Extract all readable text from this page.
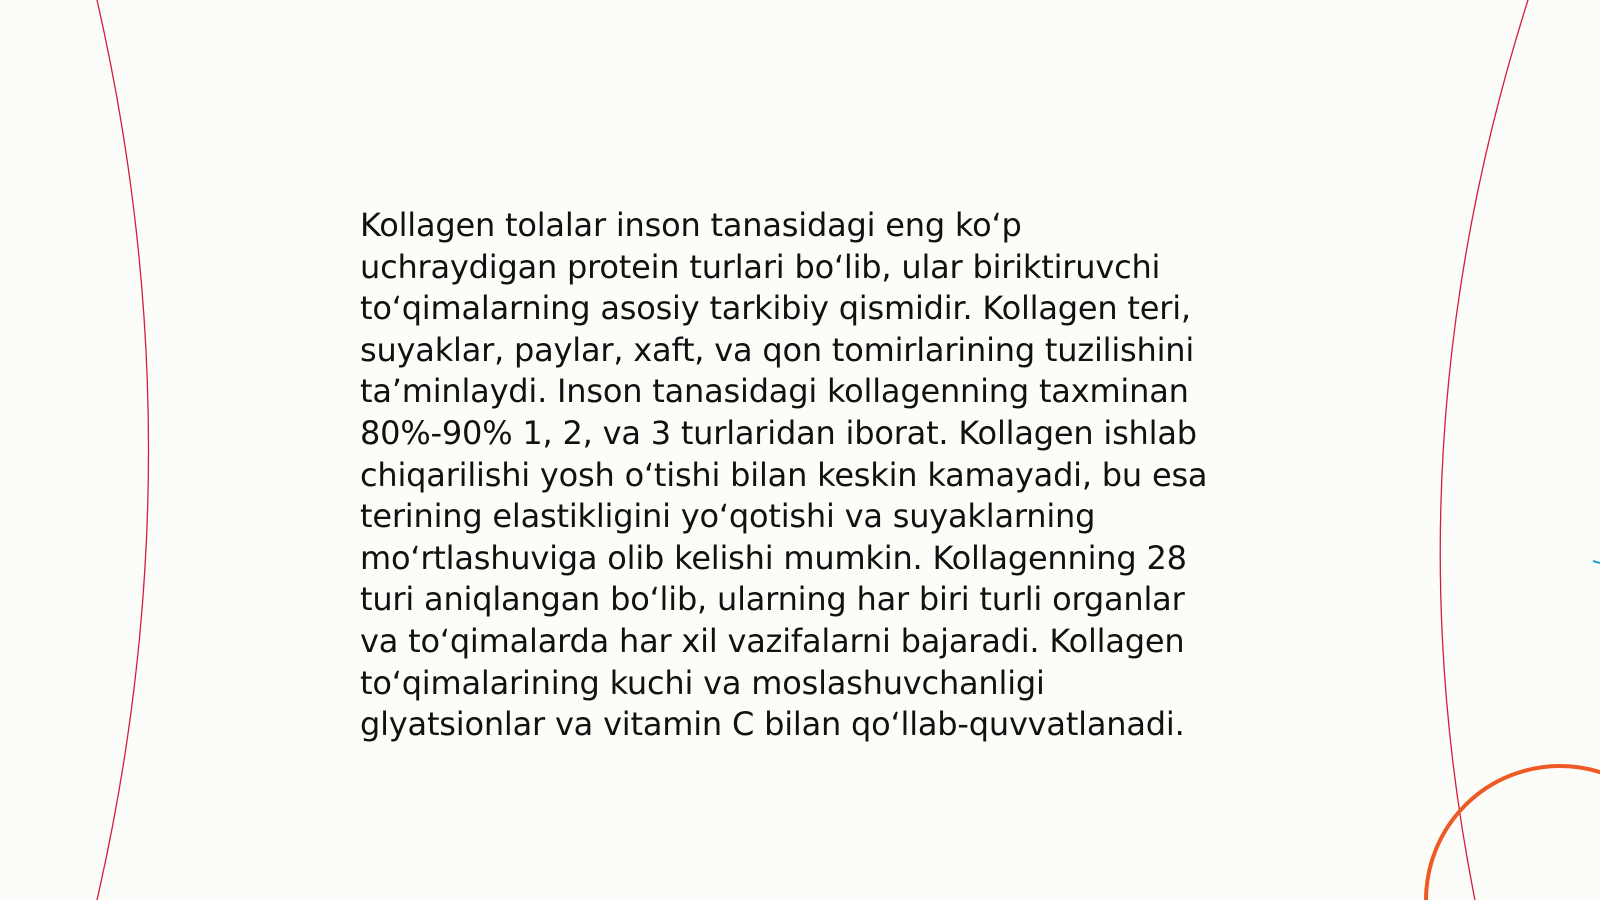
Kollagen tolalar inson tanasidagi eng ko‘p
uchraydigan protein turlari bo‘lib, ular biriktiruvchi
to‘qimalarning asosiy tarkibiy qismidir. Kollagen teri,
suyaklar, paylar, xaft, va qon tomirlarining tuzilishini
ta’minlaydi. Inson tanasidagi kollagenning taxminan
80%-90% 1, 2, va 3 turlaridan iborat. Kollagen ishlab
chiqarilishi yosh o‘tishi bilan keskin kamayadi, bu esa
terining elastikligini yo‘qotishi va suyaklarning
mo‘rtlashuviga olib kelishi mumkin. Kollagenning 28
turi aniqlangan bo‘lib, ularning har biri turli organlar
va to‘qimalarda har xil vazifalarni bajaradi. Kollagen
to‘qimalarining kuchi va moslashuvchanligi
glyatsionlar va vitamin C bilan qo‘llab-quvvatlanadi.
